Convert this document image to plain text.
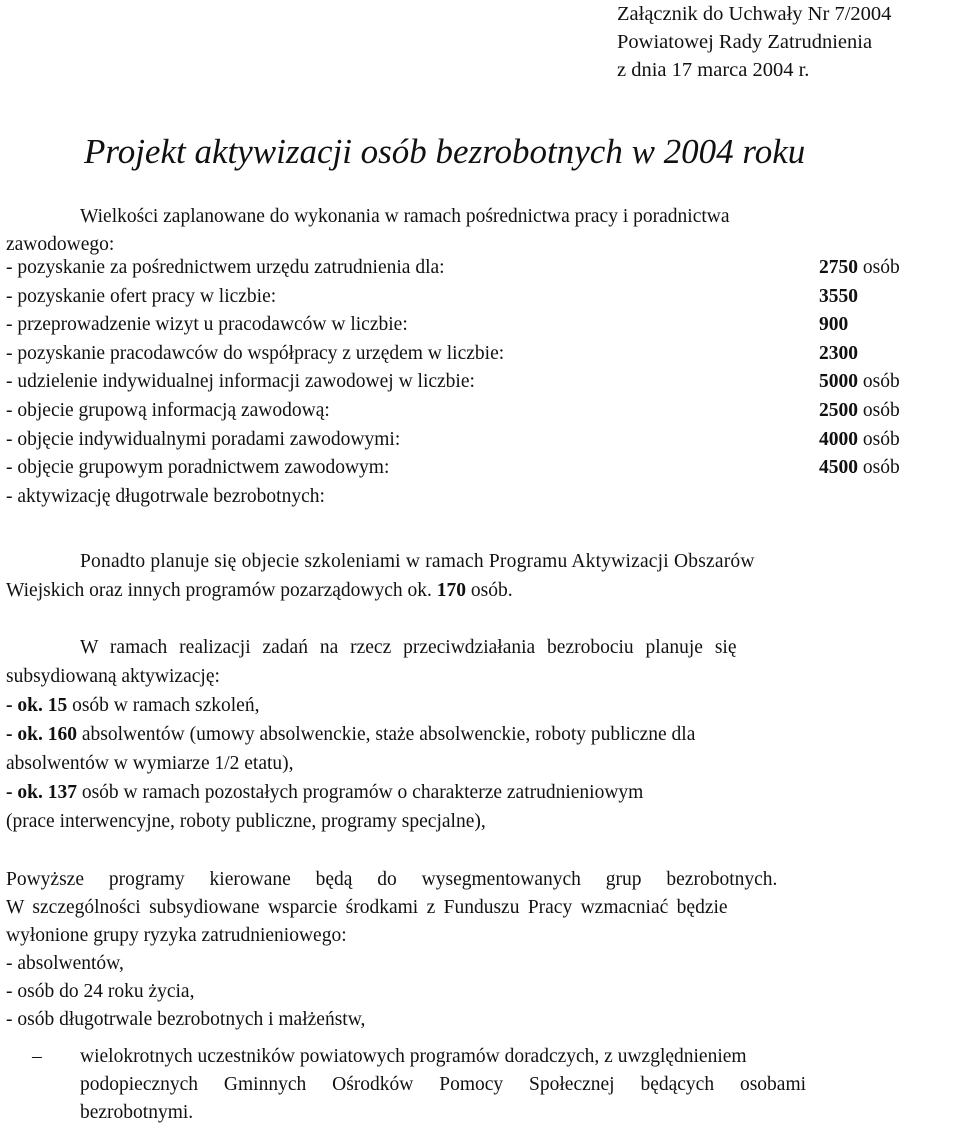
Załącznik do Uchwały Nr 7/2004
Powiatowej Rady Zatrudnienia
z dnia 17 marca 2004 r.
Projekt aktywizacji osób bezrobotnych w 2004 roku
Wielkości zaplanowane do wykonania w ramach pośrednictwa pracy i poradnictwa
zawodowego:
- pozyskanie za pośrednictwem urzędu zatrudnienia dla:	2750 osób
- pozyskanie ofert pracy w liczbie:	3550
- przeprowadzenie wizyt u pracodawców w liczbie:	900
- pozyskanie pracodawców do współpracy z urzędem w liczbie:	2300
- udzielenie indywidualnej informacji zawodowej w liczbie:	5000 osób
- objecie grupową informacją zawodową:	2500 osób
- objęcie indywidualnymi poradami zawodowymi:	4000 osób
- objęcie grupowym poradnictwem zawodowym:	4500 osób
- aktywizację długotrwale bezrobotnych:
Ponadto planuje się objecie szkoleniami w ramach Programu Aktywizacji Obszarów
Wiejskich oraz innych programów pozarządowych ok. 170 osób.
W ramach realizacji zadań na rzecz przeciwdziałania bezrobociu planuje się
subsydiowaną aktywizację:
- ok. 15 osób w ramach szkoleń,
- ok. 160 absolwentów (umowy absolwenckie, staże absolwenckie, roboty publiczne dla
absolwentów w wymiarze 1/2 etatu),
- ok. 137 osób w ramach pozostałych programów o charakterze zatrudnieniowym
(prace interwencyjne, roboty publiczne, programy specjalne),
Powyższe programy kierowane będą do wysegmentowanych grup bezrobotnych.
W szczególności subsydiowane wsparcie środkami z Funduszu Pracy wzmacniać będzie
wyłonione grupy ryzyka zatrudnieniowego:
- absolwentów,
- osób do 24 roku życia,
- osób długotrwale bezrobotnych i małżeństw,
– wielokrotnych uczestników powiatowych programów doradczych, z uwzględnieniem
podopiecznych Gminnych Ośrodków Pomocy Społecznej będących osobami
bezrobotnymi.
